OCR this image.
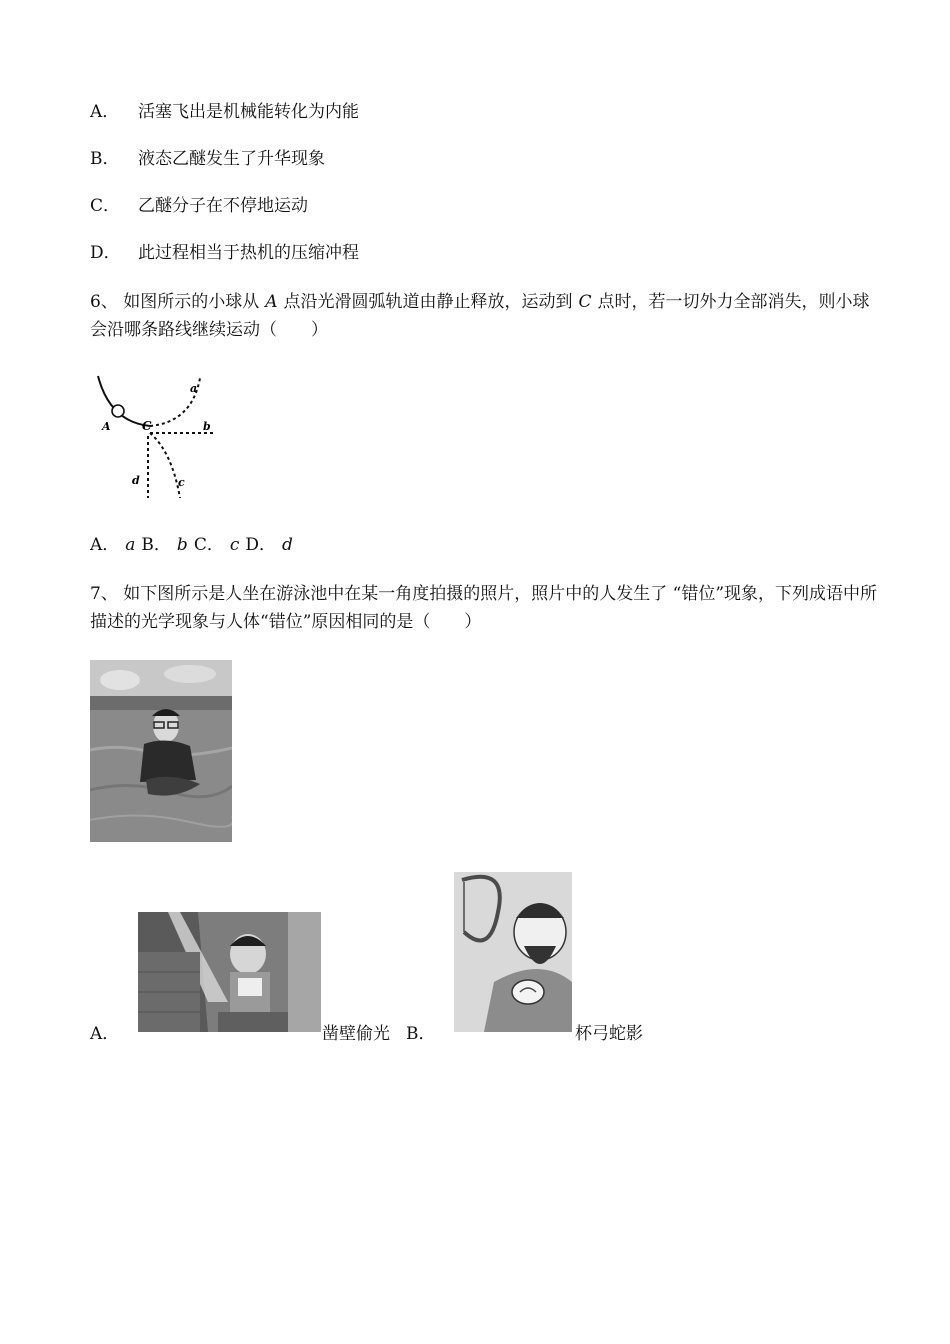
A． 活塞飞出是机械能转化为内能
B． 液态乙醚发生了升华现象
C． 乙醚分子在不停地运动
D． 此过程相当于热机的压缩冲程
6、 如图所示的小球从 A 点沿光滑圆弧轨道由静止释放，运动到 C 点时，若一切外力全部消失，则小球会沿哪条路线继续运动（　　）
A	C
a
b
c
d
A． a B． b C． c D． d
7、 如下图所示是人坐在游泳池中在某一角度拍摄的照片，照片中的人发生了 “错位”现象，下列成语中所描述的光学现象与人体“错位”原因相同的是（　　）
A．	凿壁偷光 B．	杯弓蛇影
